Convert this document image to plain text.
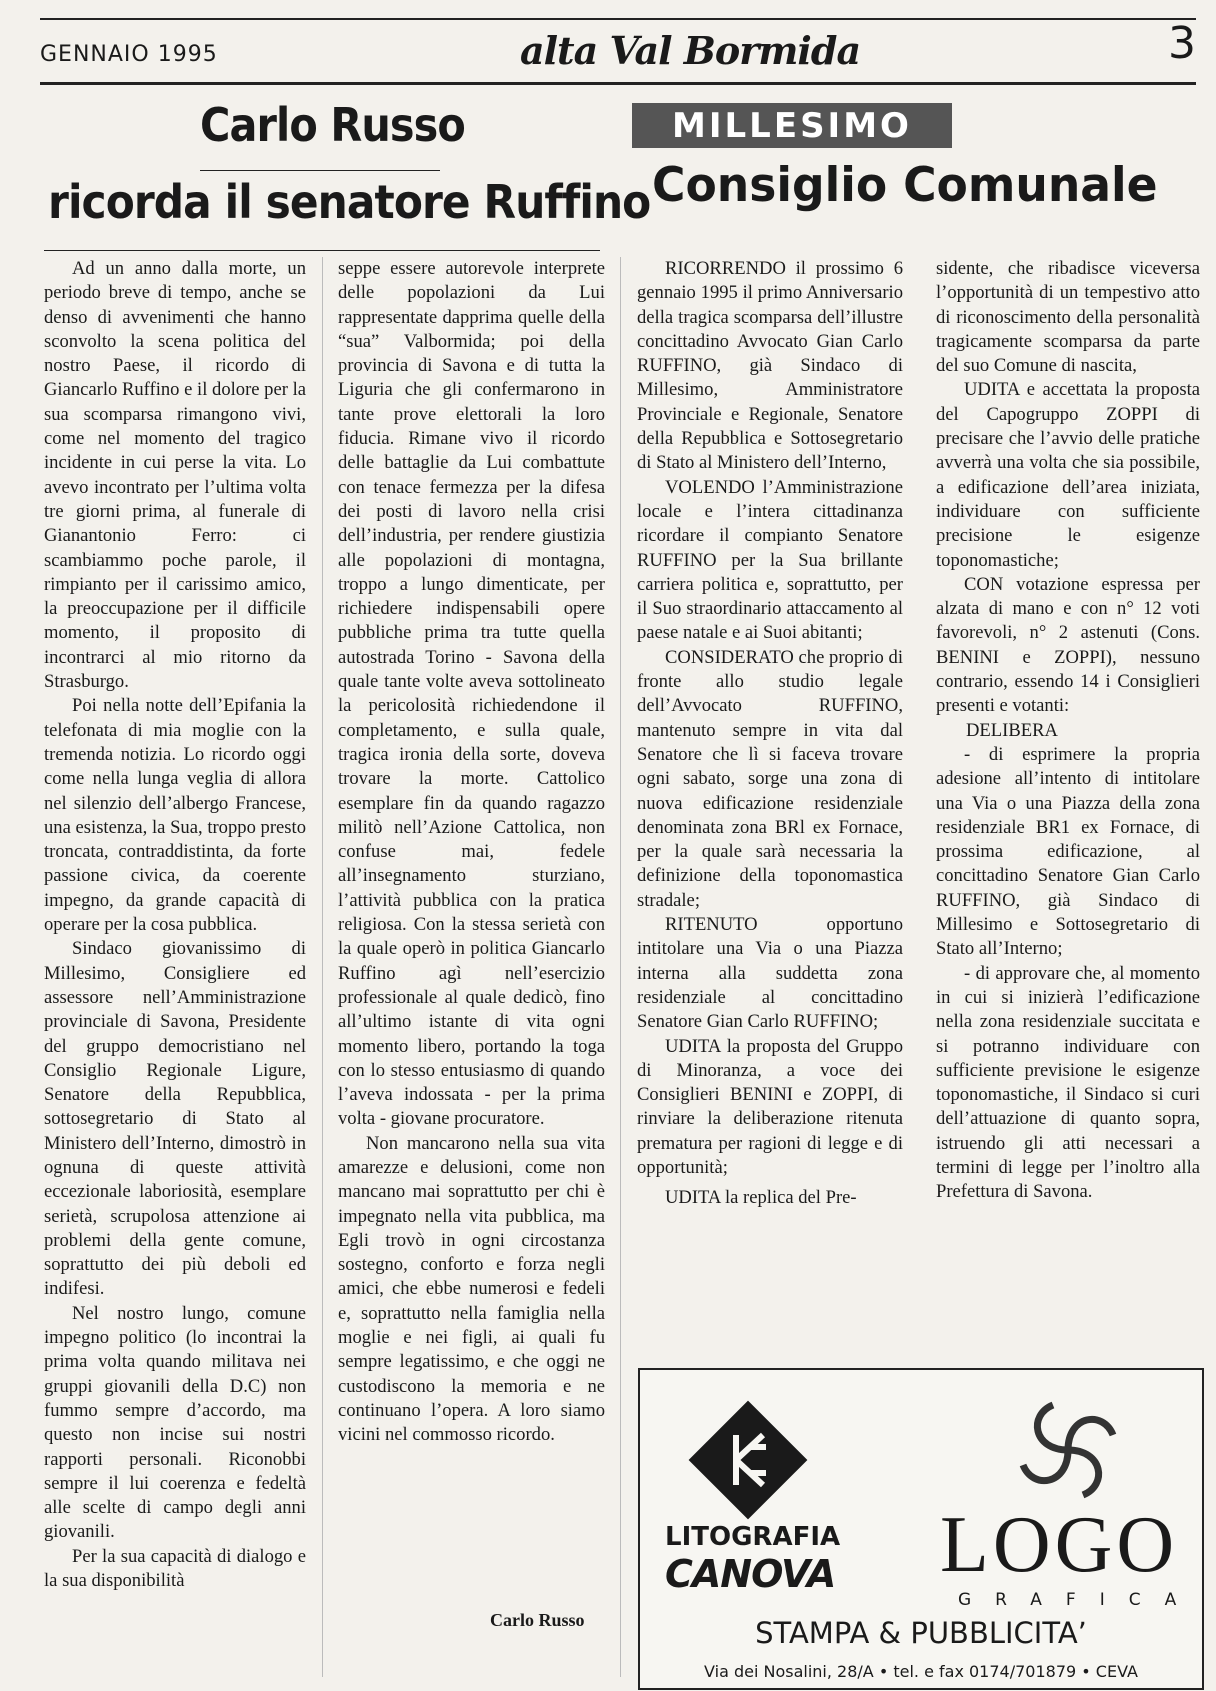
GENNAIO 1995	alta Val Bormida	3

Carlo Russo
ricorda il senatore Ruffino
MILLESIMO
Consiglio Comunale

Ad un anno dalla morte, un periodo breve di tempo, anche se denso di avvenimenti che hanno sconvolto la scena politica del nostro Paese, il ricordo di Giancarlo Ruffino e il dolore per la sua scomparsa rimangono vivi, come nel momento del tragico incidente in cui perse la vita. Lo avevo incontrato per l’ultima volta tre giorni prima, al funerale di Gianantonio Ferro: ci scambiammo poche parole, il rimpianto per il carissimo amico, la preoccupazione per il difficile momento, il proposito di incontrarci al mio ritorno da Strasburgo.

Poi nella notte dell’Epifania la telefonata di mia moglie con la tremenda notizia. Lo ricordo oggi come nella lunga veglia di allora nel silenzio dell’albergo Francese, una esistenza, la Sua, troppo presto troncata, contraddistinta, da forte passione civica, da coerente impegno, da grande capacità di operare per la cosa pubblica.

Sindaco giovanissimo di Millesimo, Consigliere ed assessore nell’Amministrazione provinciale di Savona, Presidente del gruppo democristiano nel Consiglio Regionale Ligure, Senatore della Repubblica, sottosegretario di Stato al Ministero dell’Interno, dimostrò in ognuna di queste attività eccezionale laboriosità, esemplare serietà, scrupolosa attenzione ai problemi della gente comune, soprattutto dei più deboli ed indifesi.

Nel nostro lungo, comune impegno politico (lo incontrai la prima volta quando militava nei gruppi giovanili della D.C) non fummo sempre d’accordo, ma questo non incise sui nostri rapporti personali. Riconobbi sempre il lui coerenza e fedeltà alle scelte di campo degli anni giovanili.

Per la sua capacità di dialogo e la sua disponibilità

seppe essere autorevole interprete delle popolazioni da Lui rappresentate dapprima quelle della “sua” Valbormida; poi della provincia di Savona e di tutta la Liguria che gli confermarono in tante prove elettorali la loro fiducia. Rimane vivo il ricordo delle battaglie da Lui combattute con tenace fermezza per la difesa dei posti di lavoro nella crisi dell’industria, per rendere giustizia alle popolazioni di montagna, troppo a lungo dimenticate, per richiedere indispensabili opere pubbliche prima tra tutte quella autostrada Torino - Savona della quale tante volte aveva sottolineato la pericolosità richiedendone il completamento, e sulla quale, tragica ironia della sorte, doveva trovare la morte. Cattolico esemplare fin da quando ragazzo militò nell’Azione Cattolica, non confuse mai, fedele all’insegnamento sturziano, l’attività pubblica con la pratica religiosa. Con la stessa serietà con la quale operò in politica Giancarlo Ruffino agì nell’esercizio professionale al quale dedicò, fino all’ultimo istante di vita ogni momento libero, portando la toga con lo stesso entusiasmo di quando l’aveva indossata - per la prima volta - giovane procuratore.

Non mancarono nella sua vita amarezze e delusioni, come non mancano mai soprattutto per chi è impegnato nella vita pubblica, ma Egli trovò in ogni circostanza sostegno, conforto e forza negli amici, che ebbe numerosi e fedeli e, soprattutto nella famiglia nella moglie e nei figli, ai quali fu sempre legatissimo, e che oggi ne custodiscono la memoria e ne continuano l’opera. A loro siamo vicini nel commosso ricordo.

Carlo Russo

RICORRENDO il prossimo 6 gennaio 1995 il primo Anniversario della tragica scomparsa dell’illustre concittadino Avvocato Gian Carlo RUFFINO, già Sindaco di Millesimo, Amministratore Provinciale e Regionale, Senatore della Repubblica e Sottosegretario di Stato al Ministero dell’Interno,

VOLENDO l’Amministrazione locale e l’intera cittadinanza ricordare il compianto Senatore RUFFINO per la Sua brillante carriera politica e, soprattutto, per il Suo straordinario attaccamento al paese natale e ai Suoi abitanti;

CONSIDERATO che proprio di fronte allo studio legale dell’Avvocato RUFFINO, mantenuto sempre in vita dal Senatore che lì si faceva trovare ogni sabato, sorge una zona di nuova edificazione residenziale denominata zona BRl ex Fornace, per la quale sarà necessaria la definizione della toponomastica stradale;

RITENUTO opportuno intitolare una Via o una Piazza interna alla suddetta zona residenziale al concittadino Senatore Gian Carlo RUFFINO;

UDITA la proposta del Gruppo di Minoranza, a voce dei Consiglieri BENINI e ZOPPI, di rinviare la deliberazione ritenuta prematura per ragioni di legge e di opportunità;

UDITA la replica del Pre-

sidente, che ribadisce viceversa l’opportunità di un tempestivo atto di riconoscimento della personalità tragicamente scomparsa da parte del suo Comune di nascita,

UDITA e accettata la proposta del Capogruppo ZOPPI di precisare che l’avvio delle pratiche avverrà una volta che sia possibile, a edificazione dell’area iniziata, individuare con sufficiente precisione le esigenze toponomastiche;

CON votazione espressa per alzata di mano e con n° 12 voti favorevoli, n° 2 astenuti (Cons. BENINI e ZOPPI), nessuno contrario, essendo 14 i Consiglieri presenti e votanti:

DELIBERA

- di esprimere la propria adesione all’intento di intitolare una Via o una Piazza della zona residenziale BR1 ex Fornace, di prossima edificazione, al concittadino Senatore Gian Carlo RUFFINO, già Sindaco di Millesimo e Sottosegretario di Stato all’Interno;

- di approvare che, al momento in cui si inizierà l’edificazione nella zona residenziale succitata e si potranno individuare con sufficiente previsione le esigenze toponomastiche, il Sindaco si curi dell’attuazione di quanto sopra, istruendo gli atti necessari a termini di legge per l’inoltro alla Prefettura di Savona.

LITOGRAFIA
CANOVA LOGO
GRAFICA
STAMPA & PUBBLICITA’
Via dei Nosalini, 28/A • tel. e fax 0174/701879 • CEVA
